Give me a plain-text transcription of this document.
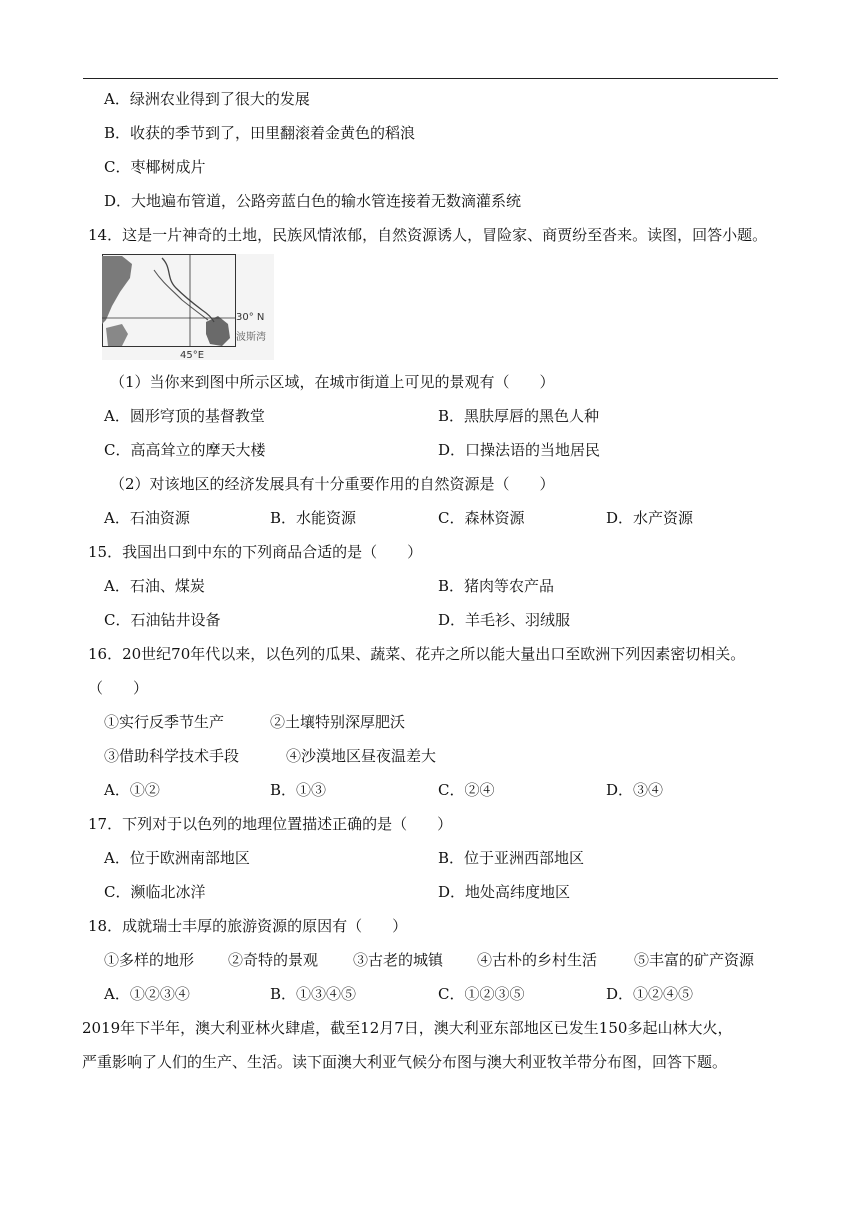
A．绿洲农业得到了很大的发展
B．收获的季节到了，田里翻滚着金黄色的稻浪
C．枣椰树成片
D．大地遍布管道，公路旁蓝白色的输水管连接着无数滴灌系统
14．这是一片神奇的土地，民族风情浓郁，自然资源诱人，冒险家、商贾纷至沓来。读图，回答小题。
30° N
波斯湾
45°E
（1）当你来到图中所示区域，在城市街道上可见的景观有（　　）
A．圆形穹顶的基督教堂	B．黑肤厚唇的黑色人种
C．高高耸立的摩天大楼	D．口操法语的当地居民
（2）对该地区的经济发展具有十分重要作用的自然资源是（　　）
A．石油资源	B．水能资源	C．森林资源	D．水产资源
15．我国出口到中东的下列商品合适的是（　　）
A．石油、煤炭	B．猪肉等农产品
C．石油钻井设备	D．羊毛衫、羽绒服
16．20世纪70年代以来，以色列的瓜果、蔬菜、花卉之所以能大量出口至欧洲下列因素密切相关。
（　　）
①实行反季节生产	②土壤特别深厚肥沃
③借助科学技术手段	④沙漠地区昼夜温差大
A．①②	B．①③	C．②④	D．③④
17．下列对于以色列的地理位置描述正确的是（　　）
A．位于欧洲南部地区	B．位于亚洲西部地区
C．濒临北冰洋	D．地处高纬度地区
18．成就瑞士丰厚的旅游资源的原因有（　　）
①多样的地形 ②奇特的景观 ③古老的城镇 ④古朴的乡村生活 ⑤丰富的矿产资源
A．①②③④	B．①③④⑤	C．①②③⑤	D．①②④⑤
2019年下半年，澳大利亚林火肆虐，截至12月7日，澳大利亚东部地区已发生150多起山林大火，
严重影响了人们的生产、生活。读下面澳大利亚气候分布图与澳大利亚牧羊带分布图，回答下题。
